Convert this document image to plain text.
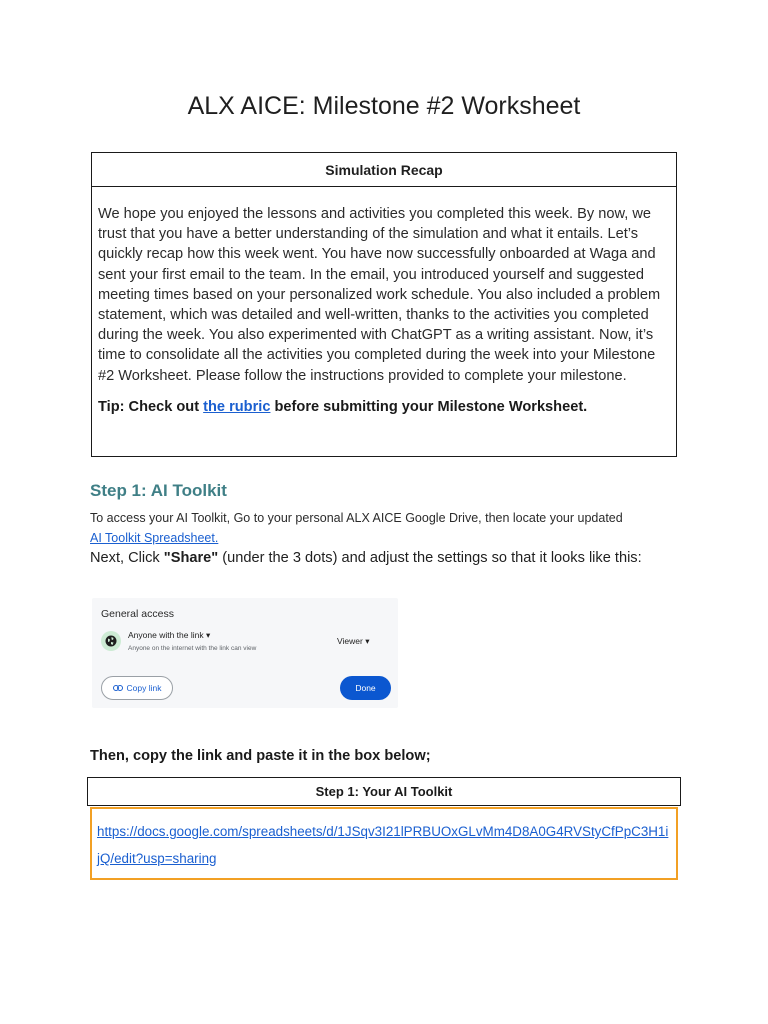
ALX AICE: Milestone #2 Worksheet
Simulation Recap
We hope you enjoyed the lessons and activities you completed this week. By now, we trust that you have a better understanding of the simulation and what it entails. Let’s quickly recap how this week went. You have now successfully onboarded at Waga and sent your first email to the team. In the email, you introduced yourself and suggested meeting times based on your personalized work schedule. You also included a problem statement, which was detailed and well-written, thanks to the activities you completed during the week. You also experimented with ChatGPT as a writing assistant. Now, it’s time to consolidate all the activities you completed during the week into your Milestone #2 Worksheet. Please follow the instructions provided to complete your milestone.
Tip: Check out the rubric before submitting your Milestone Worksheet.
Step 1: AI Toolkit
To access your AI Toolkit, Go to your personal ALX AICE Google Drive, then locate your updated
AI Toolkit Spreadsheet.
Next, Click "Share" (under the 3 dots) and adjust the settings so that it looks like this:
General access
Anyone with the link ▾
Anyone on the internet with the link can view
Viewer ▾
Copy link	Done
Then, copy the link and paste it in the box below;
Step 1: Your AI Toolkit
https://docs.google.com/spreadsheets/d/1JSqv3I21lPRBUOxGLvMm4D8A0G4RVStyCfPpC3H1ijQ/edit?usp=sharing
